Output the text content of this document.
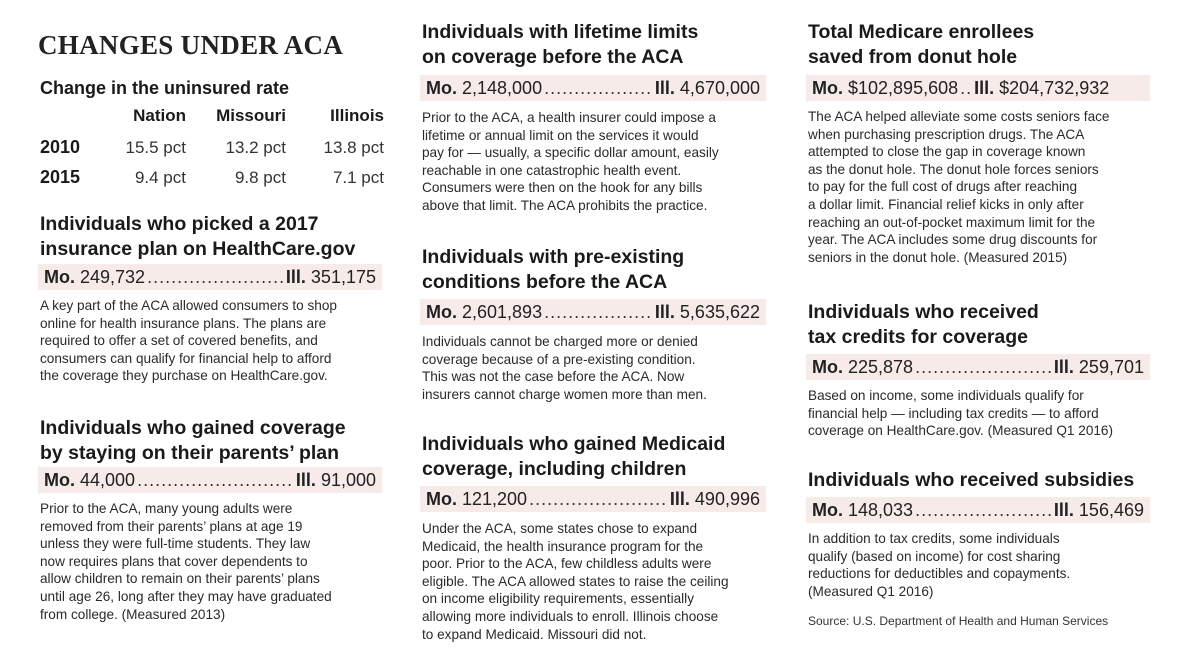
CHANGES UNDER ACA
Change in the uninsured rate
Nation Missouri	Illinois
2010	15.5 pct 13.2 pct 13.8 pct
2015	9.4 pct	9.8 pct	7.1 pct
Individuals who picked a 2017
insurance plan on HealthCare.gov
Mo. 249,732 .....	Ill. 351,175
A key part of the ACA allowed consumers to shop
online for health insurance plans. The plans are
required to offer a set of covered benefits, and
consumers can qualify for financial help to afford
the coverage they purchase on HealthCare.gov.
Individuals who gained coverage
by staying on their parents’ plan
Mo. 44,000 .....	Ill. 91,000
Prior to the ACA, many young adults were
removed from their parents’ plans at age 19
unless they were full-time students. They law
now requires plans that cover dependents to
allow children to remain on their parents’ plans
until age 26, long after they may have graduated
from college. (Measured 2013)
Individuals with lifetime limits
on coverage before the ACA
Mo. 2,148,000 .....	Ill. 4,670,000
Prior to the ACA, a health insurer could impose a
lifetime or annual limit on the services it would
pay for — usually, a specific dollar amount, easily
reachable in one catastrophic health event.
Consumers were then on the hook for any bills
above that limit. The ACA prohibits the practice.
Individuals with pre-existing
conditions before the ACA
Mo. 2,601,893 .....	Ill. 5,635,622
Individuals cannot be charged more or denied
coverage because of a pre-existing condition.
This was not the case before the ACA. Now
insurers cannot charge women more than men.
Individuals who gained Medicaid
coverage, including children
Mo. 121,200 .....	Ill. 490,996
Under the ACA, some states chose to expand
Medicaid, the health insurance program for the
poor. Prior to the ACA, few childless adults were
eligible. The ACA allowed states to raise the ceiling
on income eligibility requirements, essentially
allowing more individuals to enroll. Illinois choose
to expand Medicaid. Missouri did not.
Total Medicare enrollees
saved from donut hole
Mo. $102,895,608 ..... Ill. $204,732,932
The ACA helped alleviate some costs seniors face
when purchasing prescription drugs. The ACA
attempted to close the gap in coverage known
as the donut hole. The donut hole forces seniors
to pay for the full cost of drugs after reaching
a dollar limit. Financial relief kicks in only after
reaching an out-of-pocket maximum limit for the
year. The ACA includes some drug discounts for
seniors in the donut hole. (Measured 2015)
Individuals who received
tax credits for coverage
Mo. 225,878 .....	Ill. 259,701
Based on income, some individuals qualify for
financial help — including tax credits — to afford
coverage on HealthCare.gov. (Measured Q1 2016)
Individuals who received subsidies
Mo. 148,033 .....	Ill. 156,469
In addition to tax credits, some individuals
qualify (based on income) for cost sharing
reductions for deductibles and copayments.
(Measured Q1 2016)
Source: U.S. Department of Health and Human Services
